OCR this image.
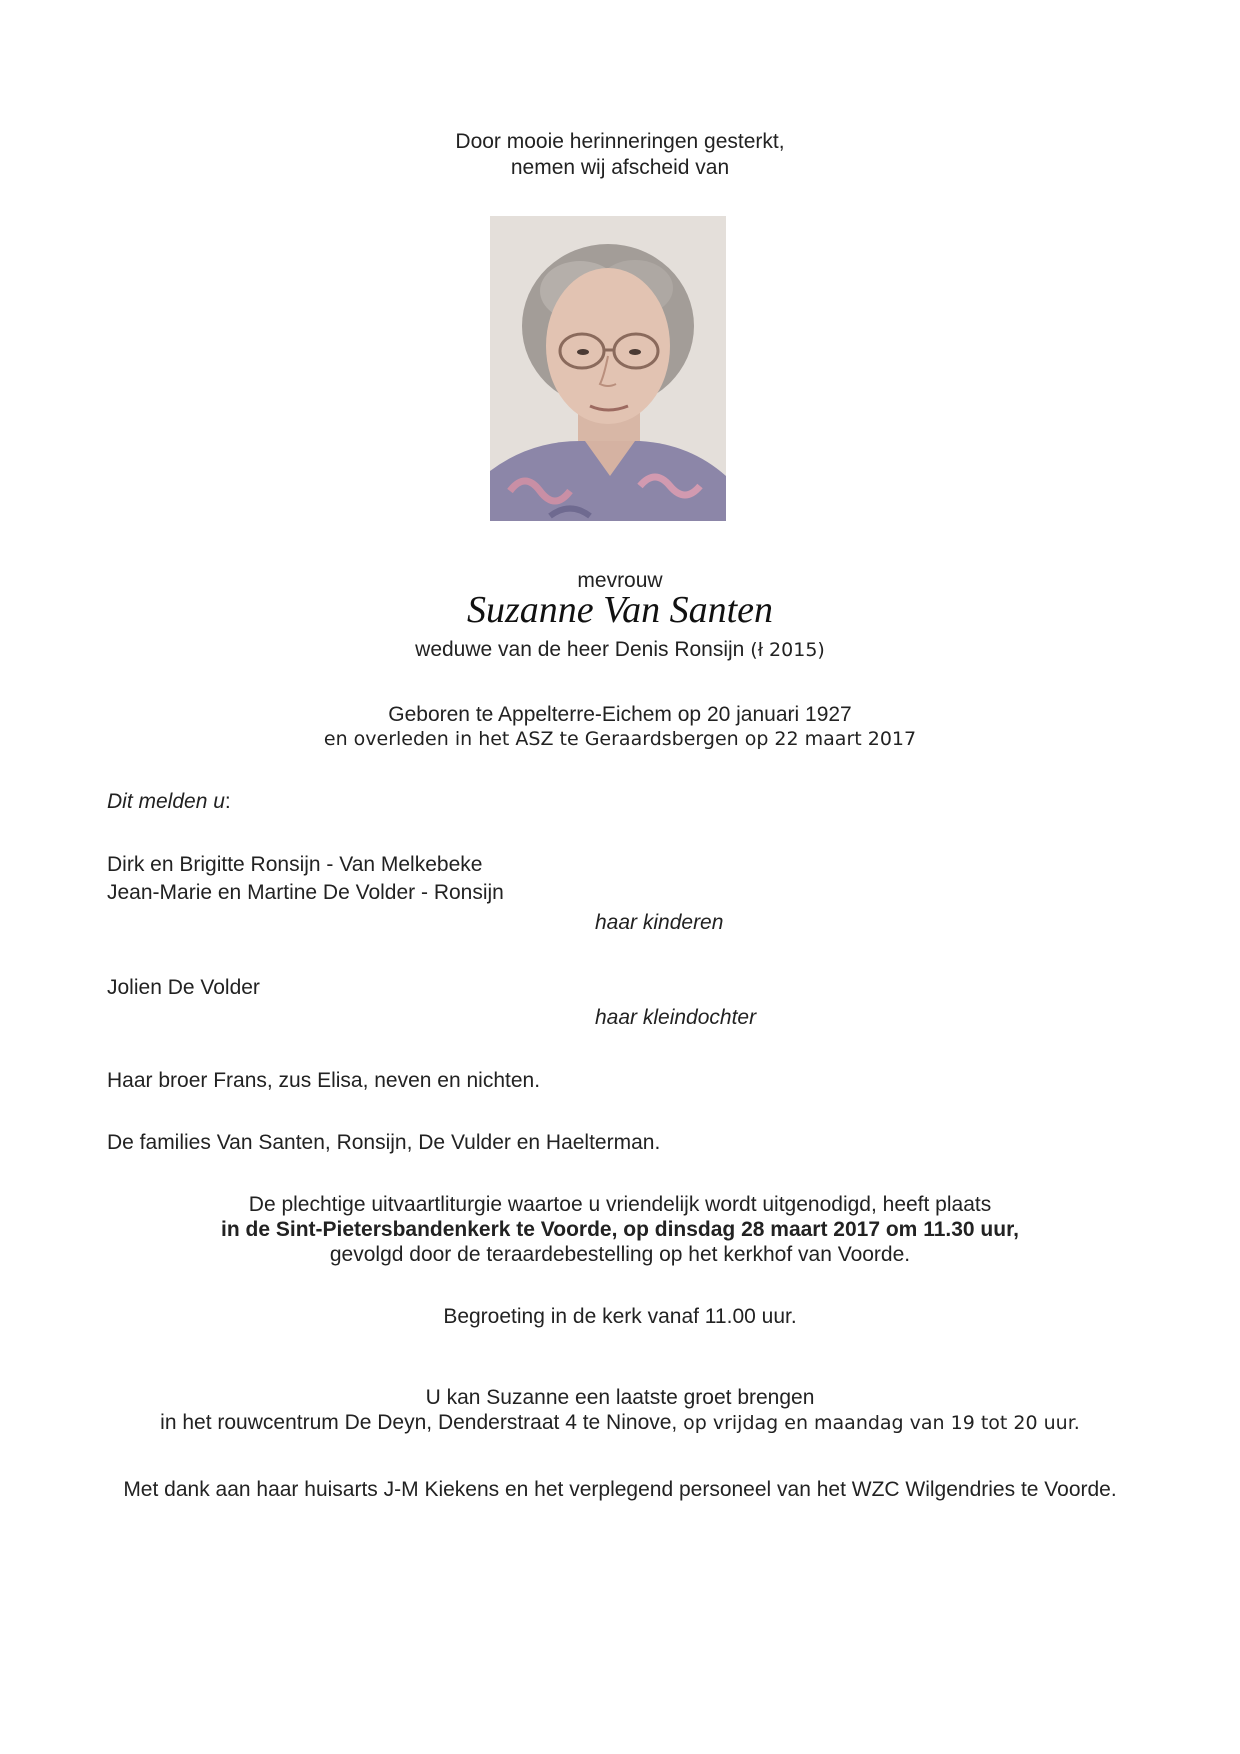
Door mooie herinneringen gesterkt,
nemen wij afscheid van
mevrouw
Suzanne Van Santen
weduwe van de heer Denis Ronsijn (ł 2015)
Geboren te Appelterre-Eichem op 20 januari 1927
en overleden in het ASZ te Geraardsbergen op 22 maart 2017
Dit melden u:
Dirk en Brigitte Ronsijn - Van Melkebeke
Jean-Marie en Martine De Volder - Ronsijn
haar kinderen
Jolien De Volder
haar kleindochter
Haar broer Frans, zus Elisa, neven en nichten.
De families Van Santen, Ronsijn, De Vulder en Haelterman.
De plechtige uitvaartliturgie waartoe u vriendelijk wordt uitgenodigd, heeft plaats
in de Sint-Pietersbandenkerk te Voorde, op dinsdag 28 maart 2017 om 11.30 uur,
gevolgd door de teraardebestelling op het kerkhof van Voorde.
Begroeting in de kerk vanaf 11.00 uur.
U kan Suzanne een laatste groet brengen
in het rouwcentrum De Deyn, Denderstraat 4 te Ninove, op vrijdag en maandag van 19 tot 20 uur.
Met dank aan haar huisarts J-M Kiekens en het verplegend personeel van het WZC Wilgendries te Voorde.
